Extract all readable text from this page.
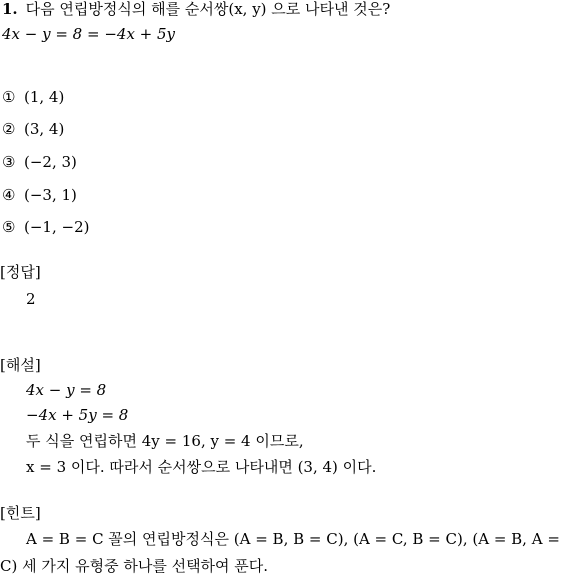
1. 다음 연립방정식의 해를 순서쌍(x, y) 으로 나타낸 것은?
4x − y = 8 = −4x + 5y
① (1, 4)
② (3, 4)
③ (−2, 3)
④ (−3, 1)
⑤ (−1, −2)
[정답]
2
[해설]
4x − y = 8
−4x + 5y = 8
두 식을 연립하면 4y = 16, y = 4 이므로,
x = 3 이다. 따라서 순서쌍으로 나타내면 (3, 4) 이다.
[힌트]
A = B = C 꼴의 연립방정식은 (A = B, B = C), (A = C, B = C), (A = B, A = C) 세 가지 유형중 하나를 선택하여 푼다.
